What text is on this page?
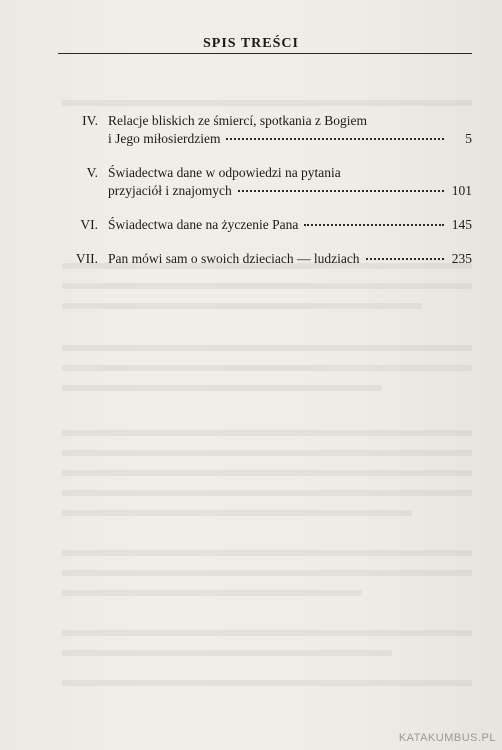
SPIS TREŚCI
IV. Relacje bliskich ze śmiercí, spotkania z Bogiem
i Jego miłosierdziem	5
V. Świadectwa dane w odpowiedzi na pytania
przyjaciół i znajomych	101
VI. Świadectwa dane na życzenie Pana	145
VII. Pan mówi sam o swoich dzieciach — ludziach	235
KATAKUMBUS.PL
